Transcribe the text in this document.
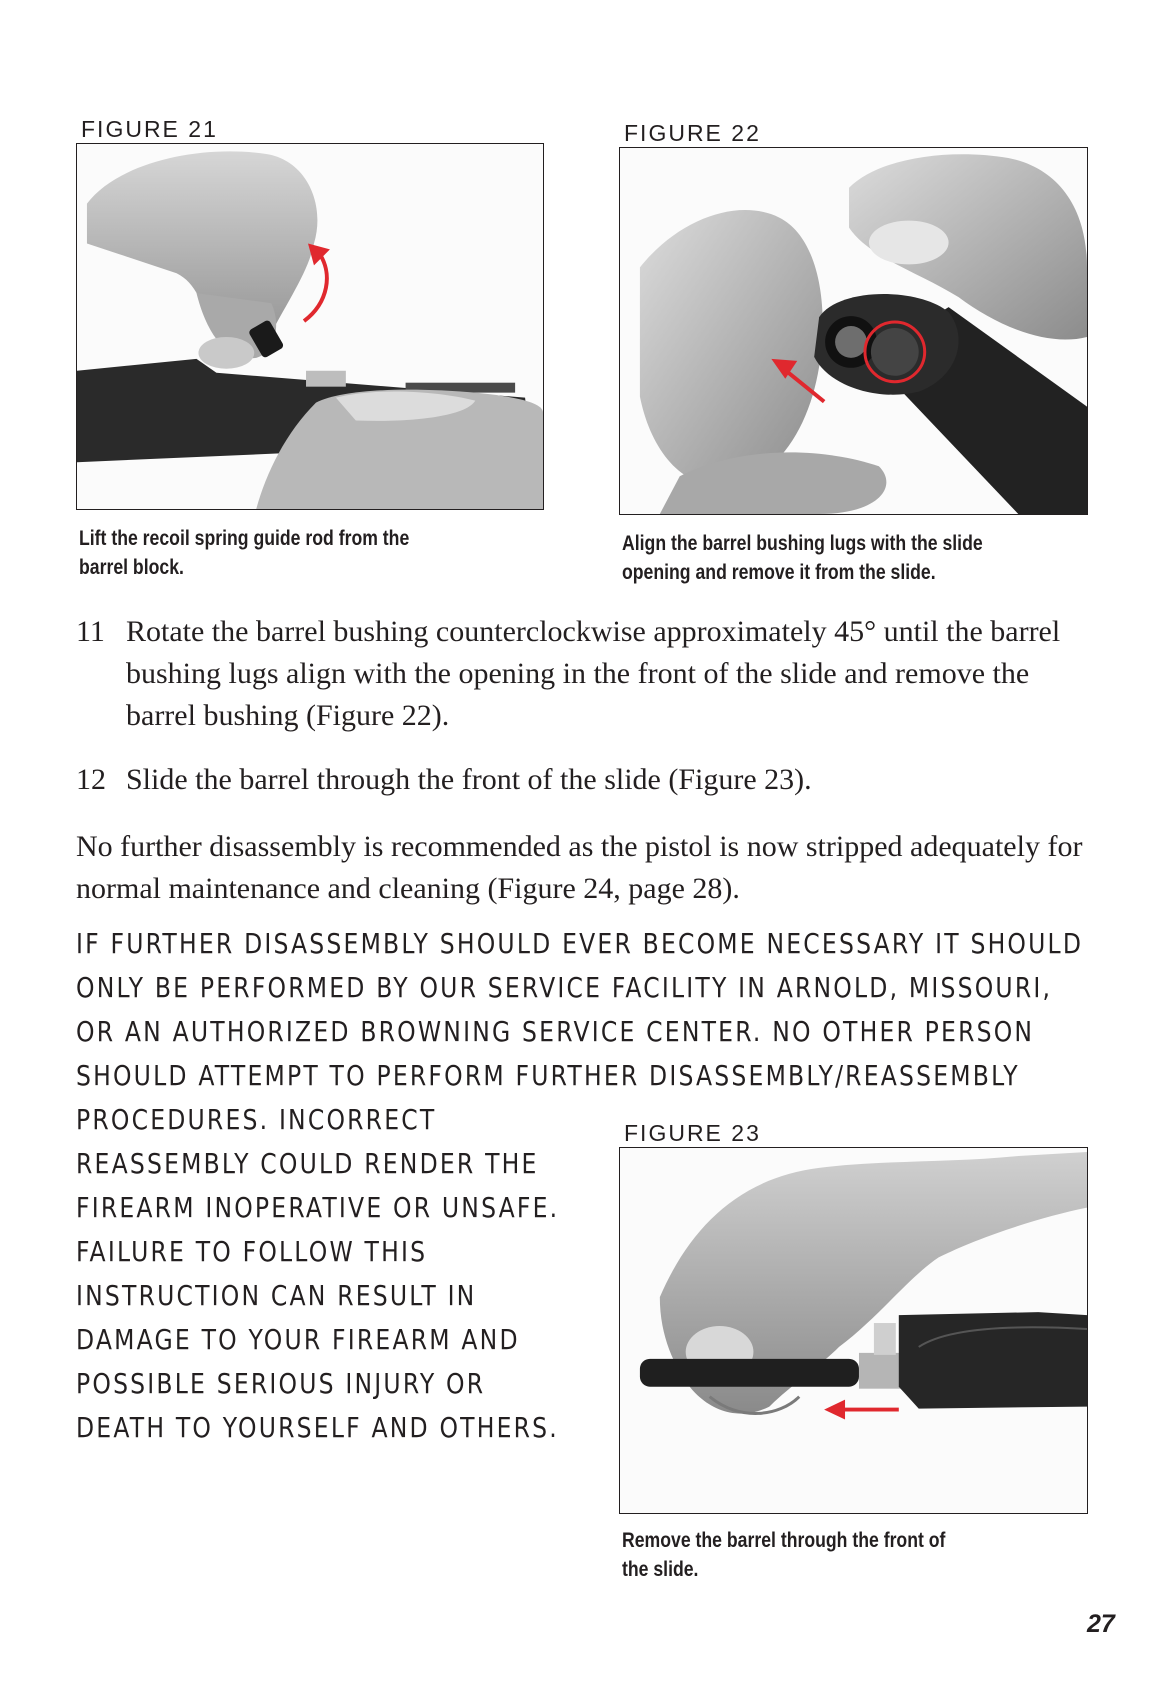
FIGURE 21
Lift the recoil spring guide rod from the
barrel block.
FIGURE 22
Align the barrel bushing lugs with the slide
opening and remove it from the slide.
11 Rotate the barrel bushing counterclockwise approximately 45° until the barrel bushing lugs align with the opening in the front of the slide and remove the barrel bushing (Figure 22).
12 Slide the barrel through the front of the slide (Figure 23).
No further disassembly is recommended as the pistol is now stripped adequately for normal maintenance and cleaning (Figure 24, page 28).
IF FURTHER DISASSEMBLY SHOULD EVER BECOME NECESSARY IT SHOULD
ONLY BE PERFORMED BY OUR SERVICE FACILITY IN ARNOLD, MISSOURI,
OR AN AUTHORIZED BROWNING SERVICE CENTER. NO OTHER PERSON
SHOULD ATTEMPT TO PERFORM FURTHER DISASSEMBLY/REASSEMBLY
PROCEDURES. INCORRECT
REASSEMBLY COULD RENDER THE
FIREARM INOPERATIVE OR UNSAFE.
FAILURE TO FOLLOW THIS
INSTRUCTION CAN RESULT IN
DAMAGE TO YOUR FIREARM AND
POSSIBLE SERIOUS INJURY OR
DEATH TO YOURSELF AND OTHERS.
FIGURE 23
Remove the barrel through the front of
the slide.
27
